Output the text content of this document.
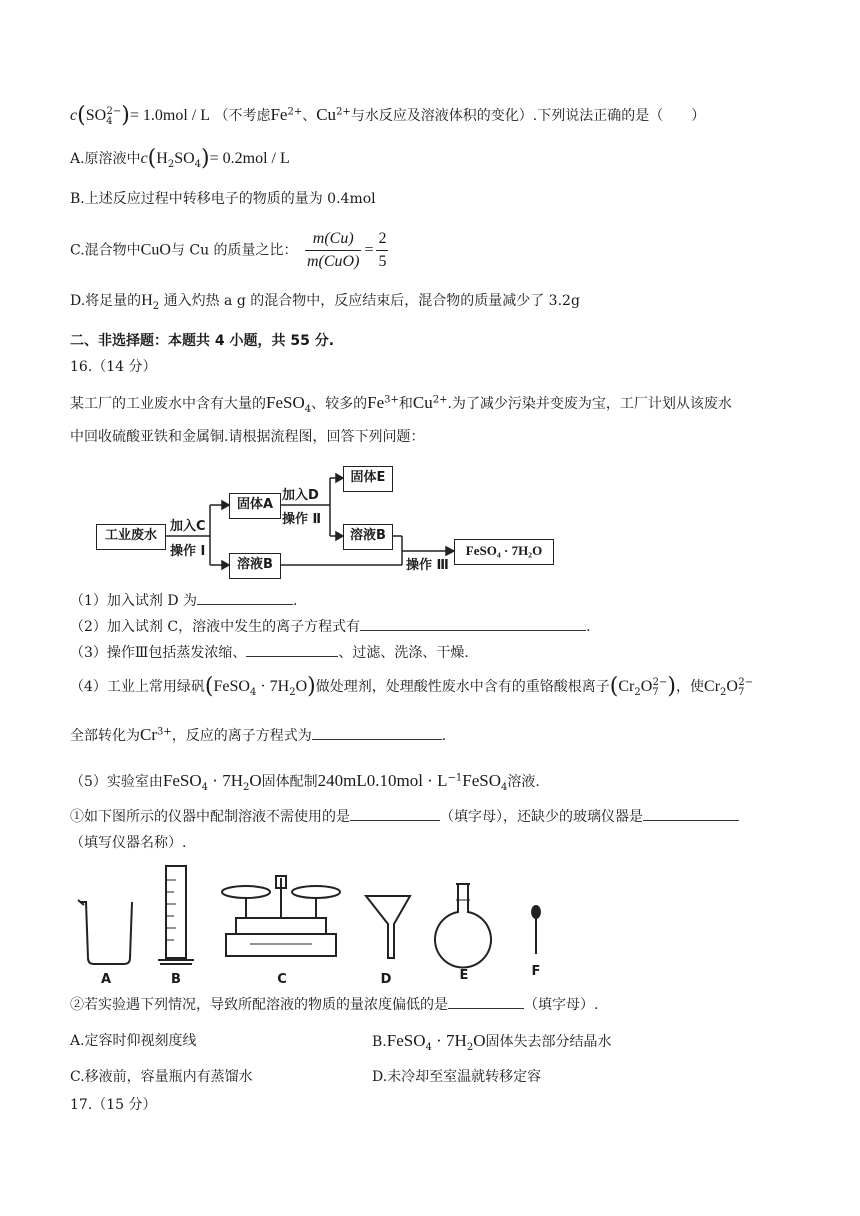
$c(SO_4^{2-})= 1.0mol / L$ （不考虑$Fe^{2+}$、$Cu^{2+}$与水反应及溶液体积的变化）.下列说法正确的是（　　）
A.原溶液中$c(H_2SO_4)= 0.2mol / L$
B.上述反应过程中转移电子的物质的量为 0.4mol
C.混合物中CuO与 Cu 的质量之比： $\frac{m(Cu)}{\text{m(CuO)}} = \frac{2}{5}$
D.将足量的$H_2$ 通入灼热 a g 的混合物中，反应结束后，混合物的质量减少了 3.2g
二、非选择题：本题共 4 小题，共 55 分.
16.（14 分）
某工厂的工业废水中含有大量的FeSO$_4$、较多的$Fe^{3+}$和$Cu^{2+}$.为了减少污染并变废为宝，工厂计划从该废水
中回收硫酸亚铁和金属铜.请根据流程图，回答下列问题：
工业废水
加入C
操作 Ⅰ
固体A
溶液B
加入D
操作 Ⅱ
固体E
溶液B
操作 Ⅲ
FeSO₄ · 7H₂O
（1）加入试剂 D 为	.
（2）加入试剂 C，溶液中发生的离子方程式有	.
（3）操作Ⅲ包括蒸发浓缩、	、过滤、洗涤、干燥.
（4）工业上常用绿矾(FeSO$_4$ · $7H_2O$)做处理剂，处理酸性废水中含有的重铬酸根离子$(Cr_2O_7^{2-})$，使$Cr_2O_7^{2-}$
全部转化为$Cr^{3+}$，反应的离子方程式为	.
（5）实验室由FeSO$_4$ · $7H_2O$固体配制$240mL0.10mol \cdot L^{-1}FeSO_4$溶液.
①如下图所示的仪器中配制溶液不需使用的是	（填字母），还缺少的玻璃仪器是
（填写仪器名称）.
A	B	C	D	E	F
②若实验遇下列情况，导致所配溶液的物质的量浓度偏低的是	（填字母）.
A.定容时仰视刻度线	B.FeSO$_4$ · $7H_2O$固体失去部分结晶水
C.移液前，容量瓶内有蒸馏水	D.未冷却至室温就转移定容
17.（15 分）
